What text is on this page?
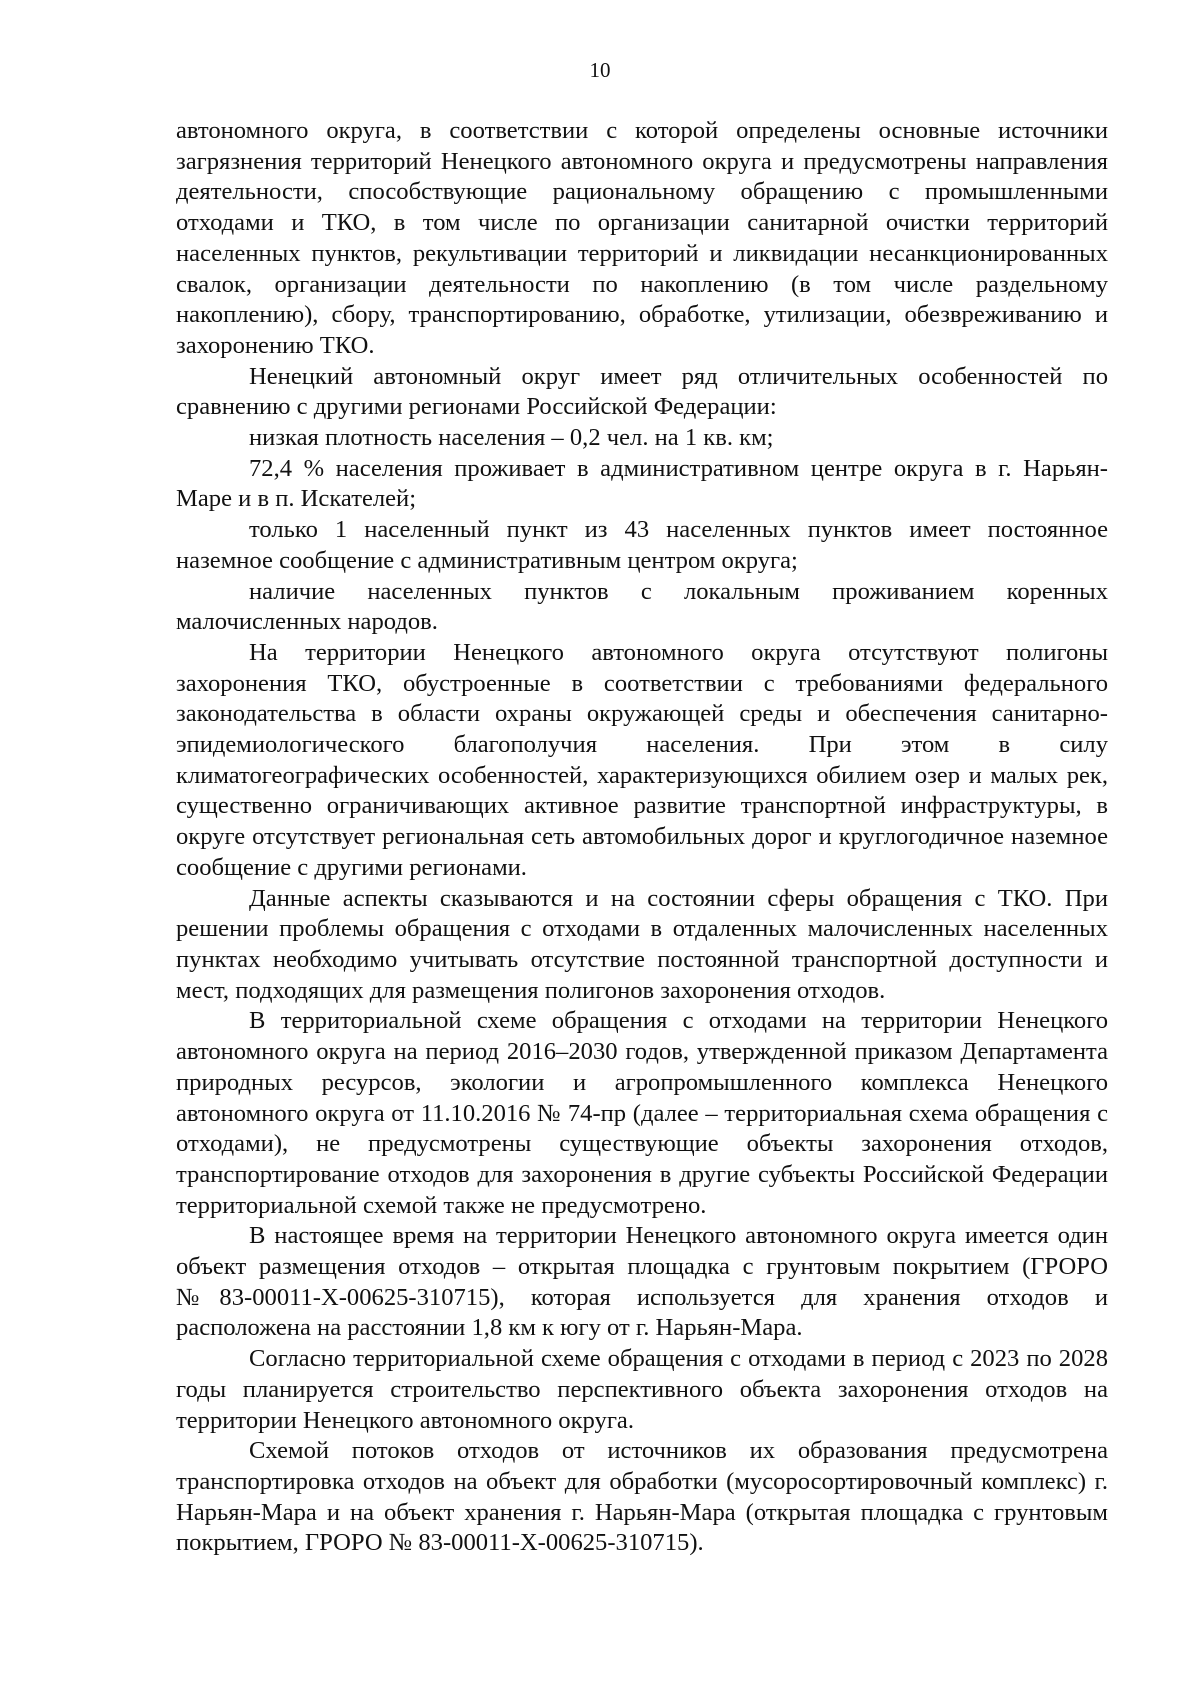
10

автономного округа, в соответствии с которой определены основные источники загрязнения территорий Ненецкого автономного округа и предусмотрены направления деятельности, способствующие рациональному обращению с промышленными отходами и ТКО, в том числе по организации санитарной очистки территорий населенных пунктов, рекультивации территорий и ликвидации несанкционированных свалок, организации деятельности по накоплению (в том числе раздельному накоплению), сбору, транспортированию, обработке, утилизации, обезвреживанию и захоронению ТКО.

Ненецкий автономный округ имеет ряд отличительных особенностей по сравнению с другими регионами Российской Федерации:

низкая плотность населения – 0,2 чел. на 1 кв. км;

72,4 % населения проживает в административном центре округа в г. Нарьян-Маре и в п. Искателей;

только 1 населенный пункт из 43 населенных пунктов имеет постоянное наземное сообщение с административным центром округа;

наличие населенных пунктов с локальным проживанием коренных малочисленных народов.

На территории Ненецкого автономного округа отсутствуют полигоны захоронения ТКО, обустроенные в соответствии с требованиями федерального законодательства в области охраны окружающей среды и обеспечения санитарно-эпидемиологического благополучия населения. При этом в силу климатогеографических особенностей, характеризующихся обилием озер и малых рек, существенно ограничивающих активное развитие транспортной инфраструктуры, в округе отсутствует региональная сеть автомобильных дорог и круглогодичное наземное сообщение с другими регионами.

Данные аспекты сказываются и на состоянии сферы обращения с ТКО. При решении проблемы обращения с отходами в отдаленных малочисленных населенных пунктах необходимо учитывать отсутствие постоянной транспортной доступности и мест, подходящих для размещения полигонов захоронения отходов.

В территориальной схеме обращения с отходами на территории Ненецкого автономного округа на период 2016–2030 годов, утвержденной приказом Департамента природных ресурсов, экологии и агропромышленного комплекса Ненецкого автономного округа от 11.10.2016 № 74-пр (далее – территориальная схема обращения с отходами), не предусмотрены существующие объекты захоронения отходов, транспортирование отходов для захоронения в другие субъекты Российской Федерации территориальной схемой также не предусмотрено.

В настоящее время на территории Ненецкого автономного округа имеется один объект размещения отходов – открытая площадка с грунтовым покрытием (ГРОРО №83-00011-Х-00625-310715), которая используется для хранения отходов и расположена на расстоянии 1,8 км к югу от г. Нарьян-Мара.

Согласно территориальной схеме обращения с отходами в период с 2023 по 2028 годы планируется строительство перспективного объекта захоронения отходов на территории Ненецкого автономного округа.

Схемой потоков отходов от источников их образования предусмотрена транспортировка отходов на объект для обработки (мусоросортировочный комплекс) г. Нарьян-Мара и на объект хранения г. Нарьян-Мара (открытая площадка с грунтовым покрытием, ГРОРО № 83-00011-Х-00625-310715).
